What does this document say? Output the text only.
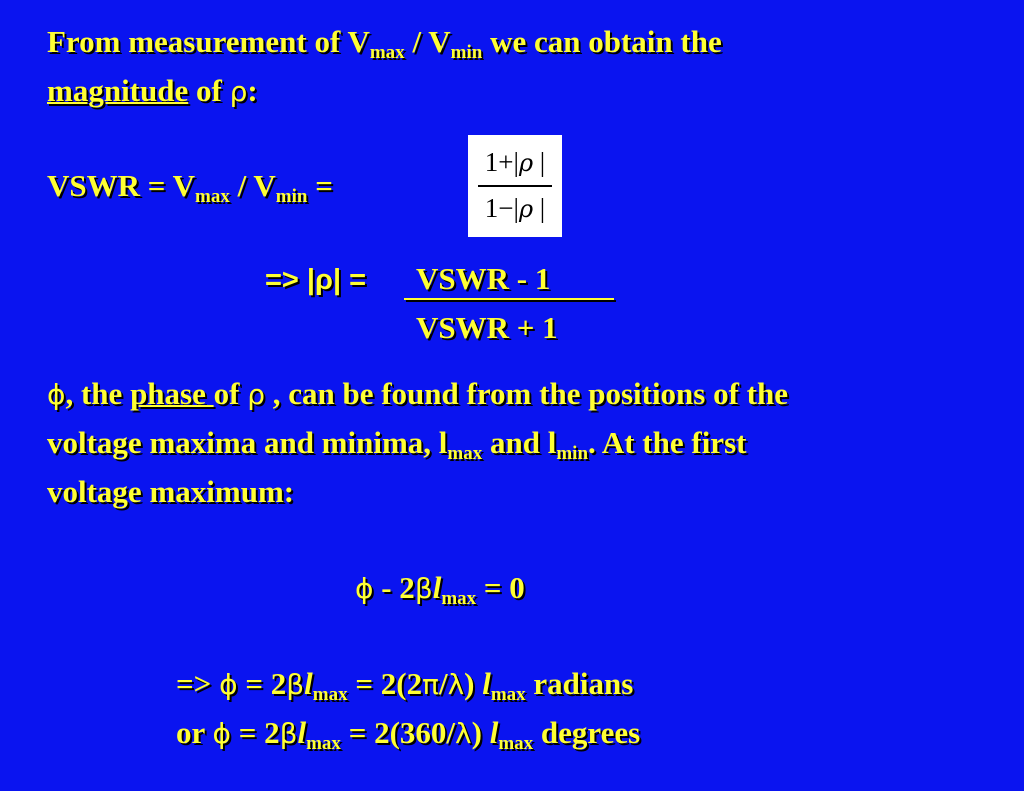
From measurement of $V_{max} / V_{min}$ we can obtain the
magnitude of ρ:
VSWR = $V_{max} / V_{min}$ =
1+|ρ |
1−|ρ |
=> |ρ| = VSWR - 1
VSWR + 1
ϕ, the phase of ρ , can be found from the positions of the
voltage maxima and minima, $l_{max}$ and $l_{min}$. At the first
voltage maximum:
$\phi - 2\beta l_{max} = 0$
=> $\phi = 2\beta l_{max} = 2(2\pi/\lambda)$ $l_{max}$ radians
or $\phi = 2\beta l_{max} = 2(360/\lambda)$ $l_{max}$ degrees
